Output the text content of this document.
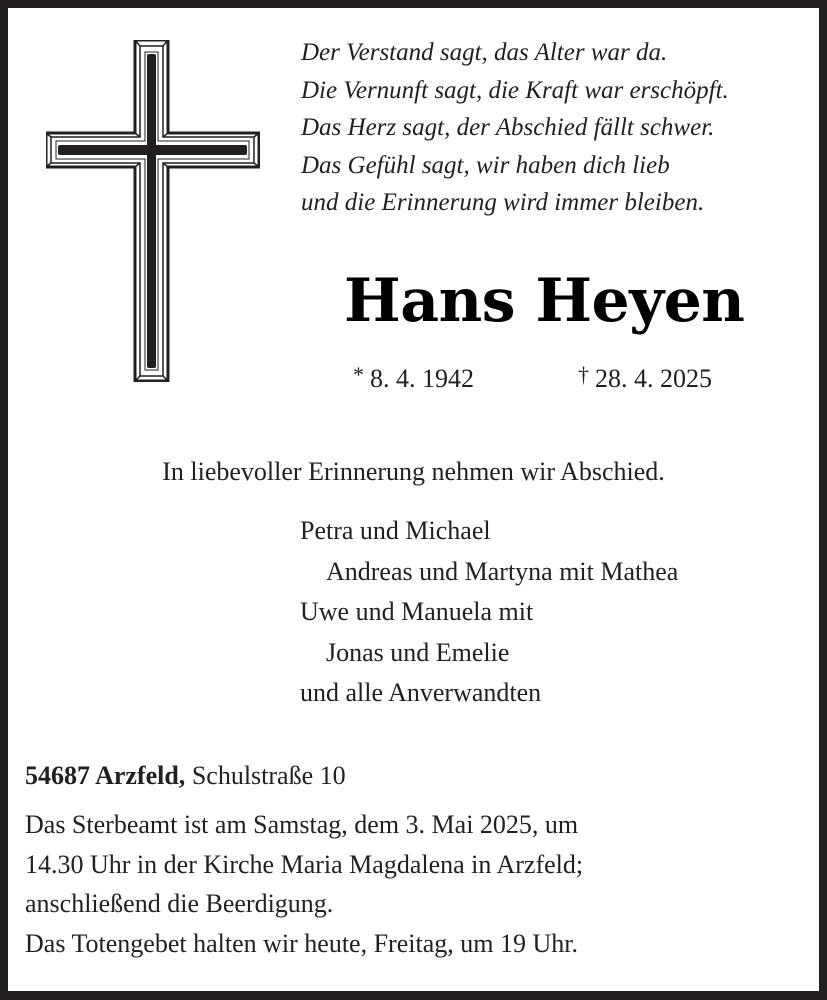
Der Verstand sagt, das Alter war da.
Die Vernunft sagt, die Kraft war erschöpft.
Das Herz sagt, der Abschied fällt schwer.
Das Gefühl sagt, wir haben dich lieb
und die Erinnerung wird immer bleiben.
Hans Heyen
* 8. 4. 1942	† 28. 4. 2025
In liebevoller Erinnerung nehmen wir Abschied.
Petra und Michael
Andreas und Martyna mit Mathea
Uwe und Manuela mit
Jonas und Emelie
und alle Anverwandten
54687 Arzfeld, Schulstraße 10
Das Sterbeamt ist am Samstag, dem 3. Mai 2025, um
14.30 Uhr in der Kirche Maria Magdalena in Arzfeld;
anschließend die Beerdigung.
Das Totengebet halten wir heute, Freitag, um 19 Uhr.
